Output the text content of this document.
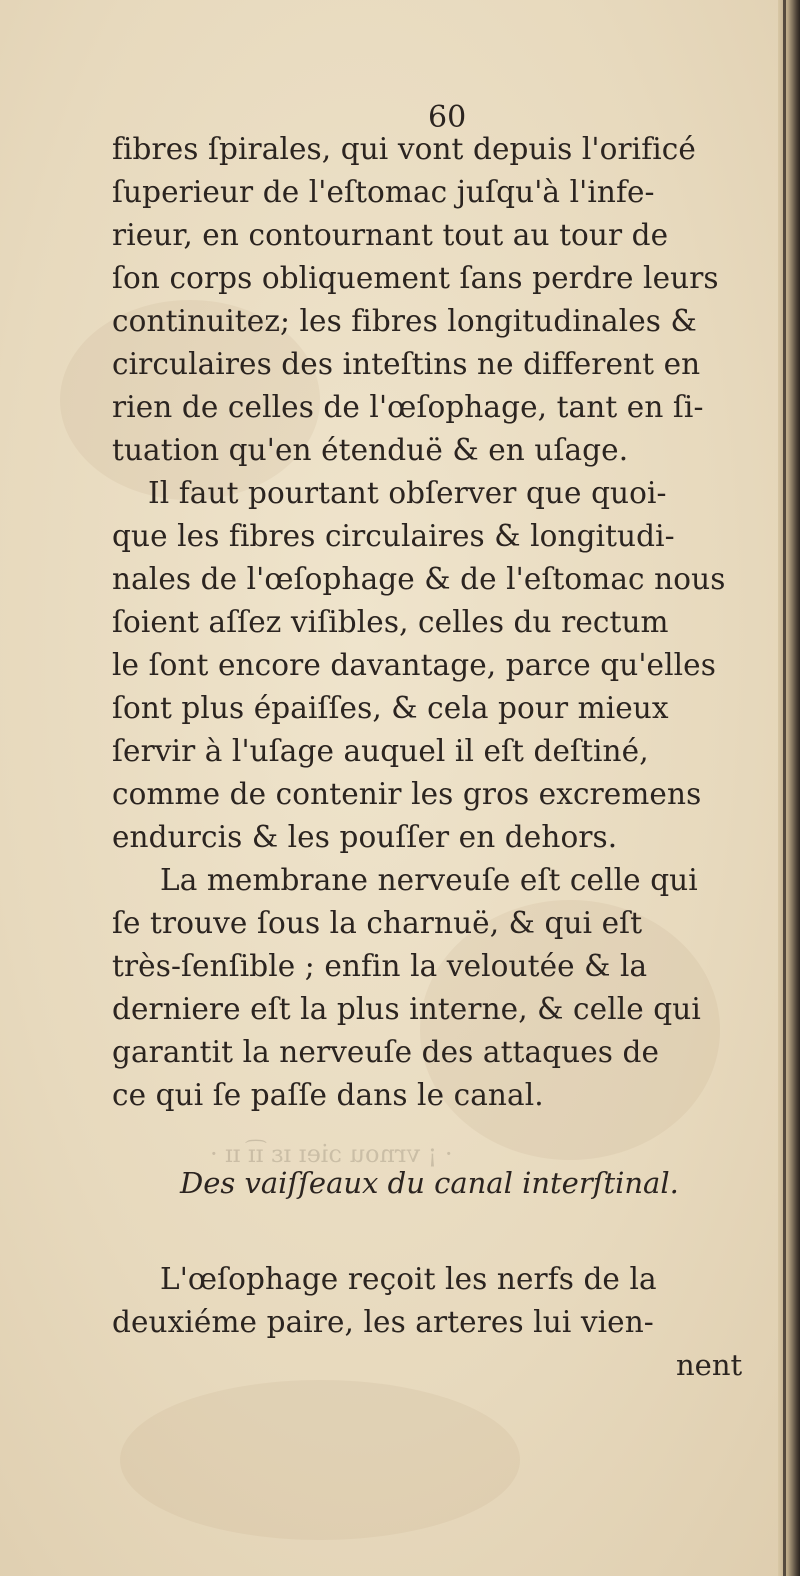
· ¡ vrnou ɔieɪ ɪɛ ɪ͡ɪ ɪɪ ·
60
fibres ſpirales, qui vont depuis l'orificé
ſuperieur de l'eſtomac juſqu'à l'infe-
rieur, en contournant tout au tour de
ſon corps obliquement ſans perdre leurs
continuitez; les fibres longitudinales &
circulaires des inteſtins ne different en
rien de celles de l'œſophage, tant en ſi-
tuation qu'en étenduë & en uſage.
Il faut pourtant obſerver que quoi-
que les fibres circulaires & longitudi-
nales de l'œſophage & de l'eſtomac nous
ſoient aſſez viſibles, celles du rectum
le ſont encore davantage, parce qu'elles
ſont plus épaiſſes, & cela pour mieux
ſervir à l'uſage auquel il eſt deſtiné,
comme de contenir les gros excremens
endurcis & les pouſſer en dehors.
La membrane nerveuſe eſt celle qui
ſe trouve ſous la charnuë, & qui eſt
très-ſenſible ; enfin la veloutée & la
derniere eſt la plus interne, & celle qui
garantit la nerveuſe des attaques de
ce qui ſe paſſe dans le canal.
Des vaiſſeaux du canal interſtinal.
L'œſophage reçoit les nerfs de la
deuxiéme paire, les arteres lui vien-
nent
